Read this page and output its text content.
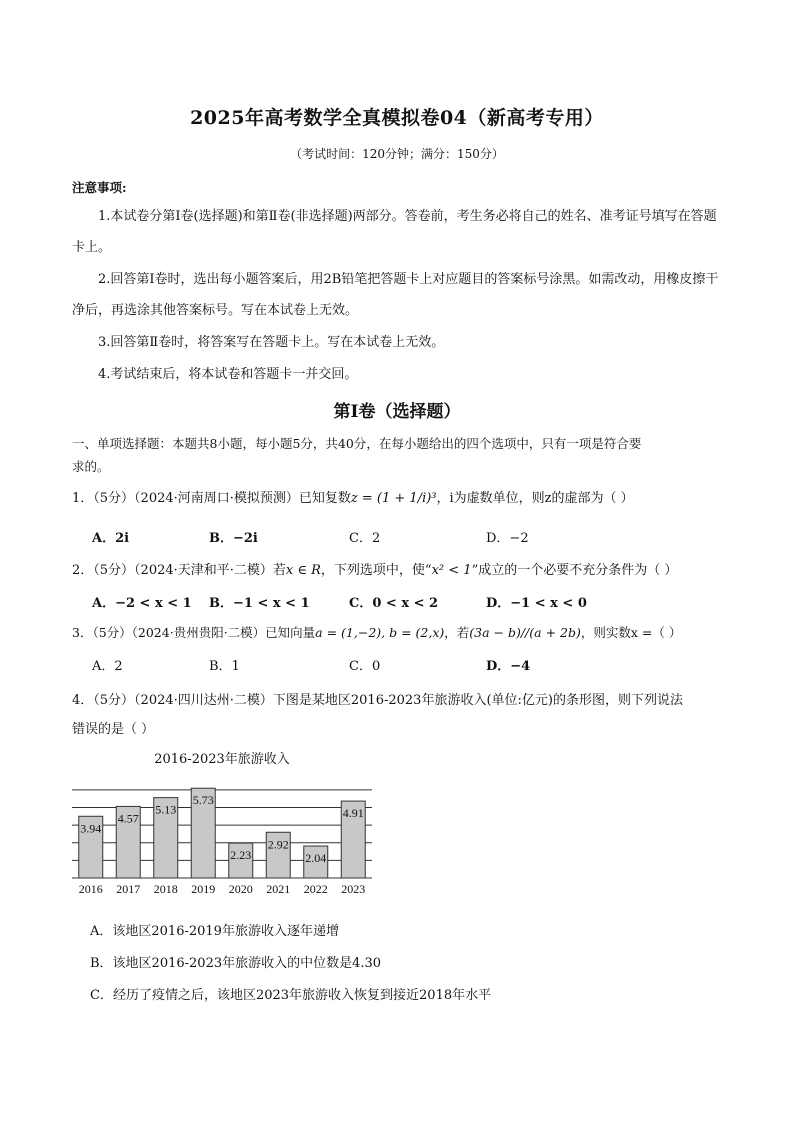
2025年高考数学全真模拟卷04（新高考专用）
（考试时间：120分钟；满分：150分）
注意事项:
1.本试卷分第Ⅰ卷(选择题)和第Ⅱ卷(非选择题)两部分。答卷前，考生务必将自己的姓名、准考证号填写在答题卡上。
2.回答第Ⅰ卷时，选出每小题答案后，用2B铅笔把答题卡上对应题目的答案标号涂黑。如需改动，用橡皮擦干净后，再选涂其他答案标号。写在本试卷上无效。
3.回答第Ⅱ卷时，将答案写在答题卡上。写在本试卷上无效。
4.考试结束后，将本试卷和答题卡一并交回。
第Ⅰ卷（选择题）
一、单项选择题：本题共8小题，每小题5分，共40分，在每小题给出的四个选项中，只有一项是符合要
求的。
1．（5分）（2024·河南周口·模拟预测）已知复数z = (1 + 1/i)³，i为虚数单位，则z的虚部为（ ）
A．2i	B．−2i	C．2	D．−2
2．（5分）（2024·天津和平·二模）若x ∈ R，下列选项中，使“x² < 1”成立的一个必要不充分条件为（ ）
A．−2 < x < 1 B．−1 < x < 1	C．0 < x < 2	D．−1 < x < 0
3．（5分）（2024·贵州贵阳·二模）已知向量a = (1,−2), b = (2,x)，若(3a − b)//(a + 2b)，则实数x =（ ）
A．2	B．1	C．0	D．−4
4．（5分）（2024·四川达州·二模）下图是某地区2016-2023年旅游收入(单位:亿元)的条形图，则下列说法
错误的是（ ）
2016-2023年旅游收入
3.94
2016
4.57
2017
5.13
2018
5.73
2019
2.23
2020
2.92
2021
2.04
2022
4.91
2023
A．该地区2016-2019年旅游收入逐年递增
B．该地区2016-2023年旅游收入的中位数是4.30
C．经历了疫情之后，该地区2023年旅游收入恢复到接近2018年水平
